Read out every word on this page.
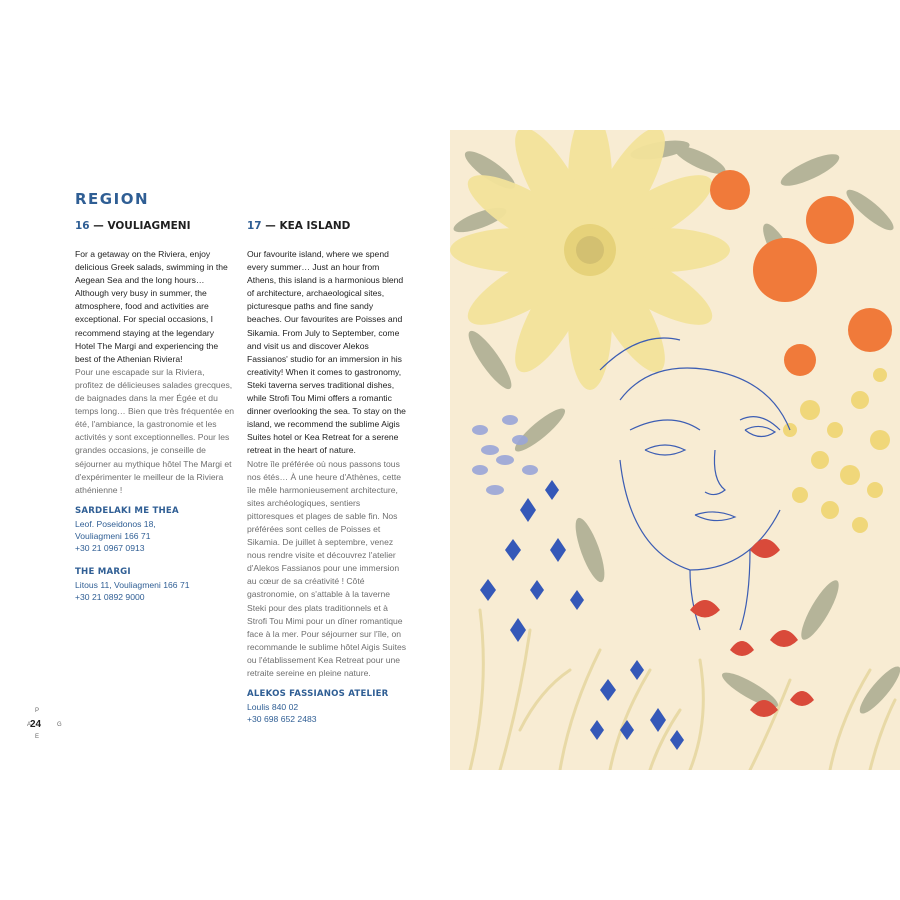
REGION
16 — VOULIAGMENI

For a getaway on the Riviera, enjoy delicious Greek salads, swimming in the Aegean Sea and the long hours… Although very busy in summer, the atmosphere, food and activities are exceptional. For special occasions, I recommend staying at the legendary Hotel The Margi and experiencing the best of the Athenian Riviera!

Pour une escapade sur la Riviera, profitez de délicieuses salades grecques, de baignades dans la mer Égée et du temps long… Bien que très fréquentée en été, l'ambiance, la gastronomie et les activités y sont exceptionnelles. Pour les grandes occasions, je conseille de séjourner au mythique hôtel The Margi et d'expérimenter le meilleur de la Riviera athénienne !

SARDELAKI ME THEA
Leof. Poseidonos 18,
Vouliagmeni 166 71
+30 21 0967 0913
THE MARGI
Litous 11, Vouliagmeni 166 71
+30 21 0892 9000
17 — KEA ISLAND

Our favourite island, where we spend every summer… Just an hour from Athens, this island is a harmonious blend of architecture, archaeological sites, picturesque paths and fine sandy beaches. Our favourites are Poisses and Sikamia. From July to September, come and visit us and discover Alekos Fassianos' studio for an immersion in his creativity! When it comes to gastronomy, Steki taverna serves traditional dishes, while Strofi Tou Mimi offers a romantic dinner overlooking the sea. To stay on the island, we recommend the sublime Aigis Suites hotel or Kea Retreat for a serene retreat in the heart of nature.

Notre île préférée où nous passons tous nos étés… À une heure d'Athènes, cette île mêle harmonieusement architecture, sites archéologiques, sentiers pittoresques et plages de sable fin. Nos préférées sont celles de Poisses et Sikamia. De juillet à septembre, venez nous rendre visite et découvrez l'atelier d'Alekos Fassianos pour une immersion au cœur de sa créativité ! Côté gastronomie, on s'attable à la taverne Steki pour des plats traditionnels et à Strofi Tou Mimi pour un dîner romantique face à la mer. Pour séjourner sur l'île, on recommande le sublime hôtel Aigis Suites ou l'établissement Kea Retreat pour une retraite sereine en pleine nature.

ALEKOS FASSIANOS ATELIER
Loulis 840 02
+30 698 652 2483
P
A
24	G
E
